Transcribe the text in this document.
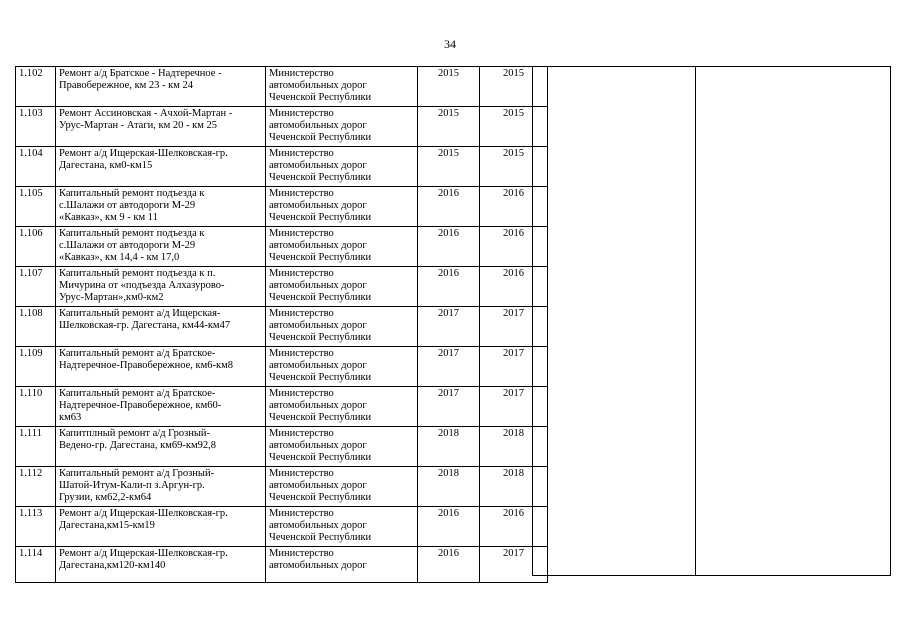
34
1.102	Ремонт а/д Братское - Надтеречное -
Правобережное, км 23 - км 24	Министерство
автомобильных дорог
Чеченской Республики	2015	2015
1.103	Ремонт Ассиновская - Ачхой-Мартан -
Урус-Мартан - Атаги, км 20 - км 25	Министерство
автомобильных дорог
Чеченской Республики	2015	2015
1.104	Ремонт а/д Ищерская-Шелковская-гр.
Дагестана, км0-км15	Министерство
автомобильных дорог
Чеченской Республики	2015	2015
1.105	Капитальный ремонт подъезда к
с.Шалажи от автодороги М-29
«Кавказ», км 9 - км 11	Министерство
автомобильных дорог
Чеченской Республики	2016	2016
1.106	Капитальный ремонт подъезда к
с.Шалажи от автодороги М-29
«Кавказ», км 14,4 - км 17,0	Министерство
автомобильных дорог
Чеченской Республики	2016	2016
1.107	Капитальный ремонт подъезда к п.
Мичурина от «подъезда Алхазурово-
Урус-Мартан»,км0-км2	Министерство
автомобильных дорог
Чеченской Республики	2016	2016
1.108	Капитальный ремонт а/д Ищерская-
Шелковская-гр. Дагестана, км44-км47	Министерство
автомобильных дорог
Чеченской Республики	2017	2017
1.109	Капитальный ремонт а/д Братское-
Надтеречное-Правобережное, км6-км8	Министерство
автомобильных дорог
Чеченской Республики	2017	2017
1.110	Капитальный ремонт а/д Братское-
Надтеречное-Правобережное, км60-
км63	Министерство
автомобильных дорог
Чеченской Республики	2017	2017
1.111	Капитплный ремонт а/д Грозный-
Ведено-гр. Дагестана, км69-км92,8	Министерство
автомобильных дорог
Чеченской Республики	2018	2018
1.112	Капитальный ремонт а/д Грозный-
Шатой-Итум-Кали-п з.Аргун-гр.
Грузии, км62,2-км64	Министерство
автомобильных дорог
Чеченской Республики	2018	2018
1.113	Ремонт а/д Ищерская-Шелковская-гр.
Дагестана,км15-км19	Министерство
автомобильных дорог
Чеченской Республики	2016	2016
1.114	Ремонт а/д Ищерская-Шелковская-гр.
Дагестана,км120-км140	Министерство
автомобильных дорог	2016	2017
